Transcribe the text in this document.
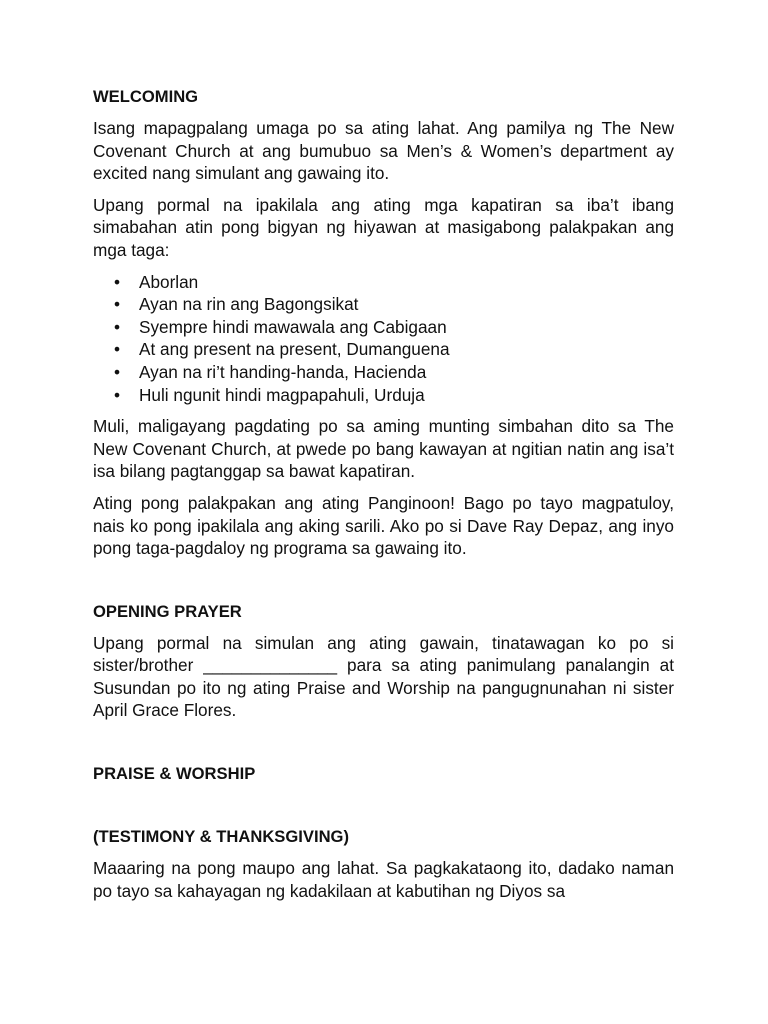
WELCOMING

Isang mapagpalang umaga po sa ating lahat. Ang pamilya ng The New Covenant Church at ang bumubuo sa Men’s & Women’s department ay excited nang simulant ang gawaing ito.

Upang pormal na ipakilala ang ating mga kapatiran sa iba’t ibang simabahan atin pong bigyan ng hiyawan at masigabong palakpakan ang mga taga:

• Aborlan
• Ayan na rin ang Bagongsikat
• Syempre hindi mawawala ang Cabigaan
• At ang present na present, Dumanguena
• Ayan na ri’t handing-handa, Hacienda
• Huli ngunit hindi magpapahuli, Urduja

Muli, maligayang pagdating po sa aming munting simbahan dito sa The New Covenant Church, at pwede po bang kawayan at ngitian natin ang isa’t isa bilang pagtanggap sa bawat kapatiran.

Ating pong palakpakan ang ating Panginoon! Bago po tayo magpatuloy, nais ko pong ipakilala ang aking sarili. Ako po si Dave Ray Depaz, ang inyo pong taga-pagdaloy ng programa sa gawaing ito.

OPENING PRAYER

Upang pormal na simulan ang ating gawain, tinatawagan ko po si sister/brother ______________ para sa ating panimulang panalangin at Susundan po ito ng ating Praise and Worship na pangugnunahan ni sister April Grace Flores.

PRAISE & WORSHIP
(TESTIMONY & THANKSGIVING)

Maaaring na pong maupo ang lahat. Sa pagkakataong ito, dadako naman po tayo sa kahayagan ng kadakilaan at kabutihan ng Diyos sa
